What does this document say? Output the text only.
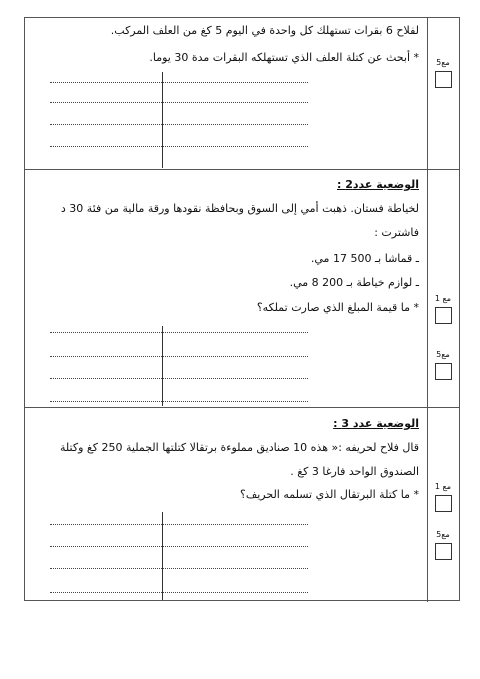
لفلاح 6 بقرات تستهلك كل واحدة في اليوم 5 كغ من العلف المركب.
* أبحث عن كتلة العلف الذي تستهلكه البقرات مدة 30 يوما. مع5
الوضعية عدد2 :
لخياطة فستان. ذهبت أمي إلى السوق وبحافظة نقودها ورقة مالية من فئة 30 د
فاشترت :
ـ قماشا بـ 500 17 مي.
ـ لوازم خياطة بـ 200 8 مي.
* ما قيمة المبلغ الذي صارت تملكه؟
مع 1
مع5
الوضعية عدد 3 :
قال فلاح لحريفه :« هذه 10 صناديق مملوءة برتقالا كتلتها الجملية 250 كغ وكتلة
الصندوق الواحد فارغا 3 كغ .
* ما كتلة البرتقال الذي تسلمه الحريف؟
مع 1
مع5
